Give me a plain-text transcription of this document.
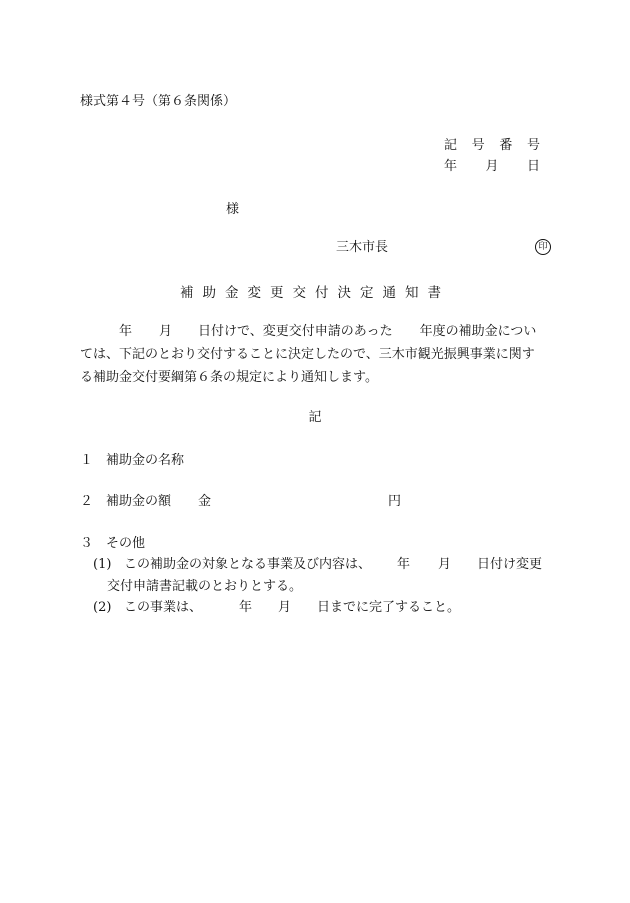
様式第４号（第６条関係）
記 号 番 号
年 月 日
様
三木市長	印
補助金変更交付決定通知書
年 月 日付けで、変更交付申請のあった 年度の補助金につい
ては、下記のとおり交付することに決定したので、三木市観光振興事業に関す
る補助金交付要綱第６条の規定により通知します。
記
１ 補助金の名称
２ 補助金の額 金	円
３ その他
(1) この補助金の対象となる事業及び内容は、 年 月 日付け変更
交付申請書記載のとおりとする。
(2) この事業は、	年 月 日までに完了すること。
